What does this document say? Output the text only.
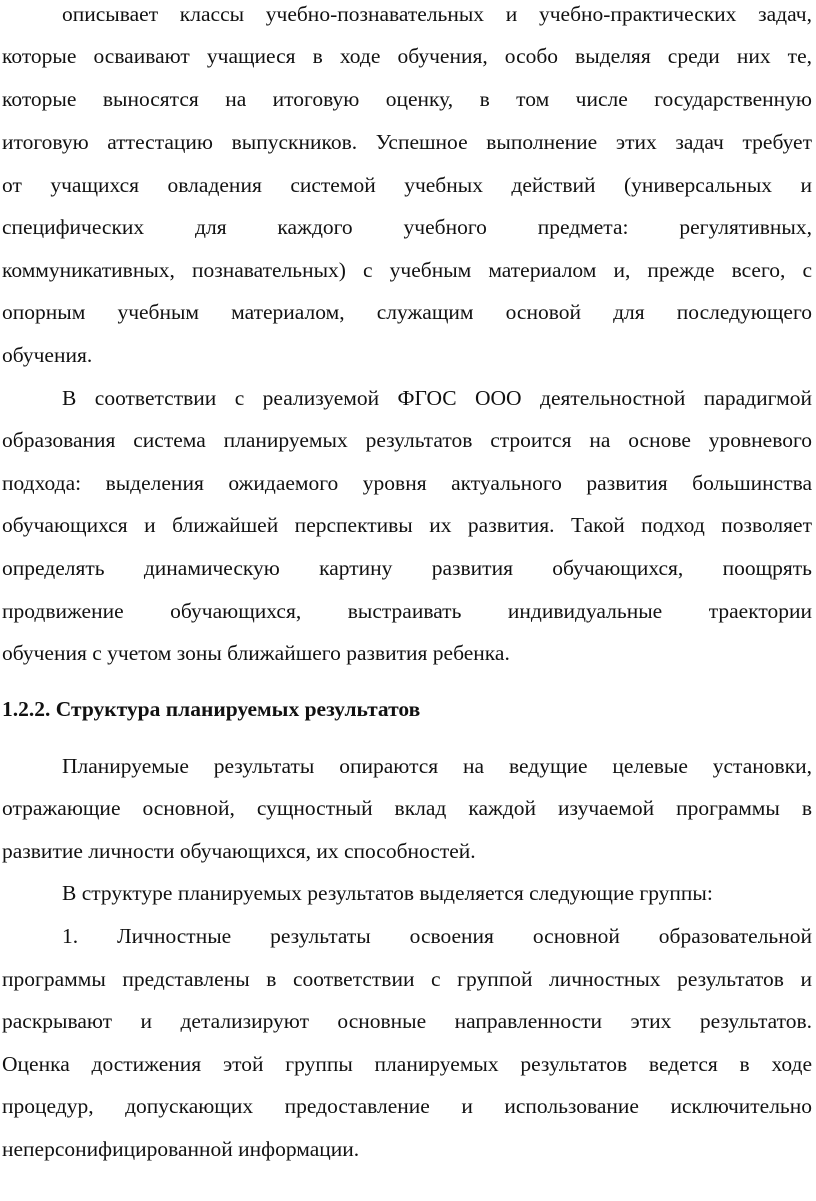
описывает классы учебно-познавательных и учебно-практических задач,
которые осваивают учащиеся в ходе обучения, особо выделяя среди них те,
которые выносятся на итоговую оценку, в том числе государственную
итоговую аттестацию выпускников. Успешное выполнение этих задач требует
от учащихся овладения системой учебных действий (универсальных и
специфических для каждого учебного предмета: регулятивных,
коммуникативных, познавательных) с учебным материалом и, прежде всего, с
опорным учебным материалом, служащим основой для последующего
обучения.
В соответствии с реализуемой ФГОС ООО деятельностной парадигмой
образования система планируемых результатов строится на основе уровневого
подхода: выделения ожидаемого уровня актуального развития большинства
обучающихся и ближайшей перспективы их развития. Такой подход позволяет
определять динамическую картину развития обучающихся, поощрять
продвижение обучающихся, выстраивать индивидуальные траектории
обучения с учетом зоны ближайшего развития ребенка.
1.2.2. Структура планируемых результатов
Планируемые результаты опираются на ведущие целевые установки,
отражающие основной, сущностный вклад каждой изучаемой программы в
развитие личности обучающихся, их способностей.
В структуре планируемых результатов выделяется следующие группы:
1. Личностные результаты освоения основной образовательной
программы представлены в соответствии с группой личностных результатов и
раскрывают и детализируют основные направленности этих результатов.
Оценка достижения этой группы планируемых результатов ведется в ходе
процедур, допускающих предоставление и использование исключительно
неперсонифицированной информации.
